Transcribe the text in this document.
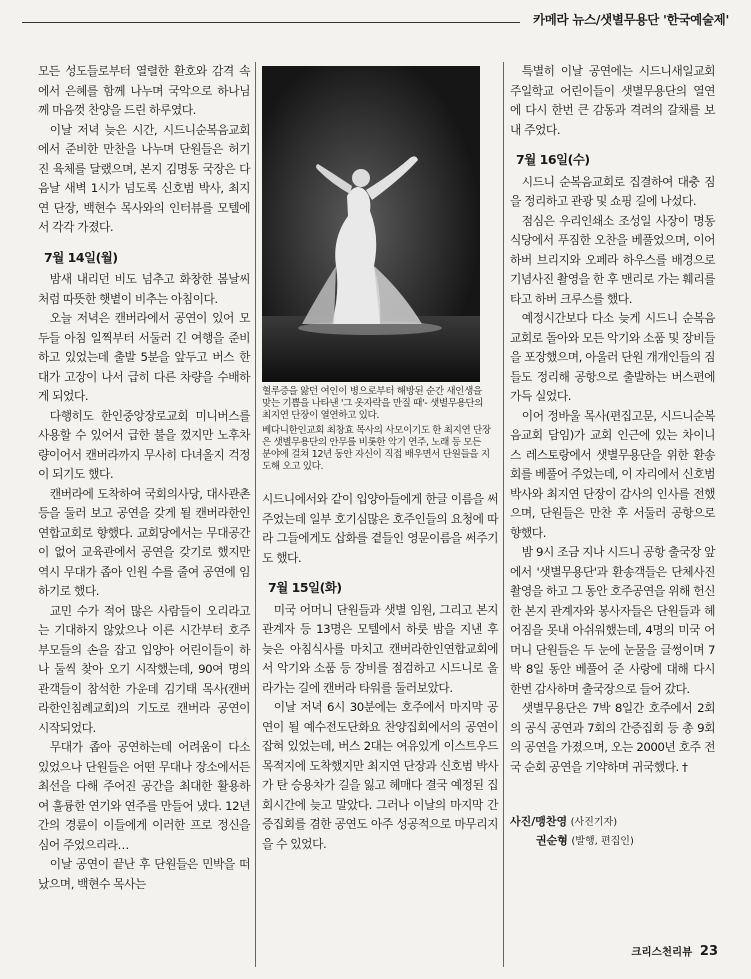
카메라 뉴스/샛별무용단 '한국예술제'

모든 성도들로부터 열렬한 환호와 감격 속에서 은혜를 함께 나누며 국악으로 하나님께 마음껏 찬양을 드린 하루였다.

이날 저녁 늦은 시간, 시드니순복음교회에서 준비한 만찬을 나누며 단원들은 허기진 육체를 달랬으며, 본지 김명동 국장은 다음날 새벽 1시가 넘도록 신호범 박사, 최지연 단장, 백현수 목사와의 인터뷰를 모텔에서 각각 가졌다.

7월 14일(월)

밤새 내리던 비도 넘추고 화창한 봄날씨처럼 따뜻한 햇볕이 비추는 아침이다.

오늘 저녁은 캔버라에서 공연이 있어 모두들 아침 일찍부터 서둘러 긴 여행을 준비하고 있었는데 출발 5분을 앞두고 버스 한 대가 고장이 나서 급히 다른 차량을 수배하게 되었다.

다행히도 한인중앙장로교회 미니버스를 사용할 수 있어서 급한 불을 껐지만 노후차량이어서 캔버라까지 무사히 다녀올지 걱정이 되기도 했다.

캔버라에 도착하여 국회의사당, 대사관촌 등을 둘러 보고 공연을 갖게 될 캔버라한인연합교회로 향했다. 교회당에서는 무대공간이 없어 교육관에서 공연을 갖기로 했지만 역시 무대가 좁아 인원 수를 줄여 공연에 임하기로 했다.

교민 수가 적어 많은 사람들이 오리라고는 기대하지 않았으나 이른 시간부터 호주 부모들의 손을 잡고 입양아 어린이들이 하나 둘씩 찾아 오기 시작했는데, 90여 명의 관객들이 참석한 가운데 김기태 목사(캔버라한인침례교회)의 기도로 캔버라 공연이 시작되었다.

무대가 좁아 공연하는데 어려움이 다소 있었으나 단원들은 어떤 무대나 장소에서든 최선을 다해 주어진 공간을 최대한 활용하여 훌륭한 연기와 연주를 만들어 냈다. 12년간의 경륜이 이들에게 이러한 프로 정신을 심어 주었으리라…

이날 공연이 끝난 후 단원들은 민박을 떠났으며, 백현수 목사는

혈루증을 앓던 여인이 병으로부터 해방된 순간 새인생을 맞는 기쁨을 나타낸 '그 옷자락을 만질 때'- 샛별무용단의 최지연 단장이 열연하고 있다.

베다니한인교회 최창효 목사의 사모이기도 한 최지연 단장은 샛별무용단의 안무를 비롯한 악기 연주, 노래 등 모든 분야에 걸쳐 12년 동안 자신이 직접 배우면서 단원들을 지도해 오고 있다.

시드니에서와 같이 입양아들에게 한글 이름을 써주었는데 일부 호기심많은 호주인들의 요청에 따라 그들에게도 삽화를 곁들인 영문이름을 써주기도 했다.

7월 15일(화)

미국 어머니 단원들과 샛별 임원, 그리고 본지 관계자 등 13명은 모텔에서 하룻 밤을 지낸 후 늦은 아침식사를 마치고 캔버라한인연합교회에서 악기와 소품 등 장비를 점검하고 시드니로 올라가는 길에 캔버라 타워를 둘러보았다.

이날 저녁 6시 30분에는 호주에서 마지막 공연이 될 예수전도단화요 찬양집회에서의 공연이 잡혀 있었는데, 버스 2대는 여유있게 이스트우드 목적지에 도착했지만 최지연 단장과 신호범 박사가 탄 승용차가 길을 잃고 헤매다 결국 예정된 집회시간에 늦고 말았다. 그러나 이날의 마지막 간증집회를 겸한 공연도 아주 성공적으로 마무리지을 수 있었다.

특별히 이날 공연에는 시드니새일교회 주일학교 어린이들이 샛별무용단의 열연에 다시 한번 큰 감동과 격려의 갈채를 보내 주었다.

7월 16일(수)

시드니 순복음교회로 집결하여 대충 짐을 정리하고 관광 및 쇼핑 길에 나섰다.

점심은 우리인쇄소 조성일 사장이 명동식당에서 푸짐한 오찬을 베풀었으며, 이어 하버 브리지와 오페라 하우스를 배경으로 기념사진 촬영을 한 후 맨리로 가는 훼리를 타고 하버 크루스를 했다.

예정시간보다 다소 늦게 시드니 순복음교회로 돌아와 모든 악기와 소품 및 장비들을 포장했으며, 아울러 단원 개개인들의 짐들도 정리해 공항으로 출발하는 버스편에 가득 실었다.

이어 정바울 목사(편집고문, 시드니순복음교회 담임)가 교회 인근에 있는 차이니스 레스토랑에서 샛별무용단을 위한 환송회를 베풀어 주었는데, 이 자리에서 신호범 박사와 최지연 단장이 감사의 인사를 전했으며, 단원들은 만찬 후 서둘러 공항으로 향했다.

밤 9시 조금 지나 시드니 공항 출국장 앞에서 '샛별무용단'과 환송객들은 단체사진 촬영을 하고 그 동안 호주공연을 위해 헌신한 본지 관계자와 봉사자들은 단원들과 헤어짐을 못내 아쉬워했는데, 4명의 미국 어머니 단원들은 두 눈에 눈물을 글썽이며 7박 8일 동안 베풀어 준 사랑에 대해 다시 한번 감사하며 출국장으로 들어 갔다.

샛별무용단은 7박 8일간 호주에서 2회의 공식 공연과 7회의 간증집회 등 총 9회의 공연을 가졌으며, 오는 2000년 호주 전국 순회 공연을 기약하며 귀국했다. †

사진/맹찬영 (사진기자)
권순형 (발행, 편집인)
크리스천리뷰 23
